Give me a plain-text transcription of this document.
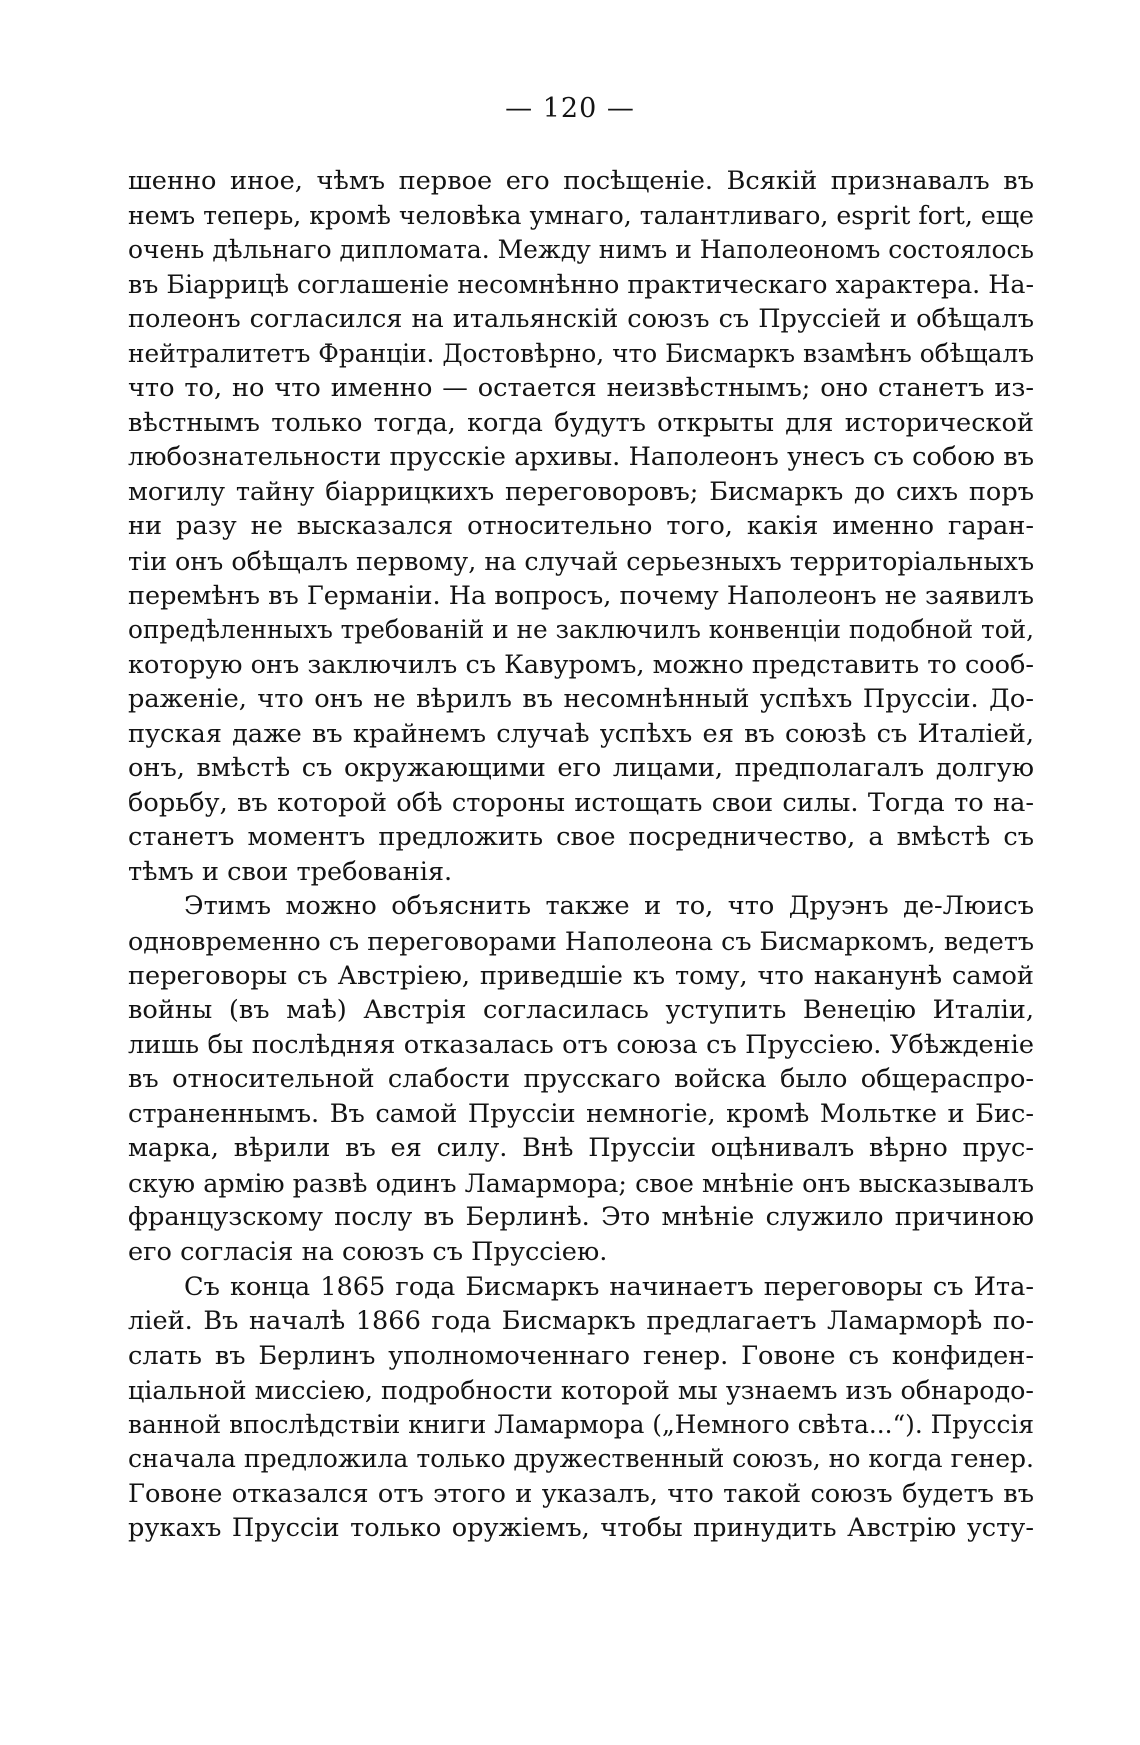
— 120 —
шенно иное, чѣмъ первое его посѣщеніе. Всякій признавалъ въ
немъ теперь, кромѣ человѣка умнаго, талантливаго, esprit fort, еще
очень дѣльнаго дипломата. Между нимъ и Наполеономъ состоялось
въ Біаррицѣ соглашеніе несомнѣнно практическаго характера. На-
полеонъ согласился на итальянскій союзъ съ Пруссіей и обѣщалъ
нейтралитетъ Франціи. Достовѣрно, что Бисмаркъ взамѣнъ обѣщалъ
что то, но что именно — остается неизвѣстнымъ; оно станетъ из-
вѣстнымъ только тогда, когда будутъ открыты для исторической
любознательности прусскіе архивы. Наполеонъ унесъ съ собою въ
могилу тайну біаррицкихъ переговоровъ; Бисмаркъ до сихъ поръ
ни разу не высказался относительно того, какія именно гаран-
тіи онъ обѣщалъ первому, на случай серьезныхъ территоріальныхъ
перемѣнъ въ Германіи. На вопросъ, почему Наполеонъ не заявилъ
опредѣленныхъ требованій и не заключилъ конвенціи подобной той,
которую онъ заключилъ съ Кавуромъ, можно представить то сооб-
раженіе, что онъ не вѣрилъ въ несомнѣнный успѣхъ Пруссіи. До-
пуская даже въ крайнемъ случаѣ успѣхъ ея въ союзѣ съ Италіей,
онъ, вмѣстѣ съ окружающими его лицами, предполагалъ долгую
борьбу, въ которой обѣ стороны истощать свои силы. Тогда то на-
станетъ моментъ предложить свое посредничество, а вмѣстѣ съ
тѣмъ и свои требованія.
Этимъ можно объяснить также и то, что Друэнъ де-Люисъ
одновременно съ переговорами Наполеона съ Бисмаркомъ, ведетъ
переговоры съ Австріею, приведшіе къ тому, что наканунѣ самой
войны (въ маѣ) Австрія согласилась уступить Венецію Италіи,
лишь бы послѣдняя отказалась отъ союза съ Пруссіею. Убѣжденіе
въ относительной слабости прусскаго войска было общераспро-
страненнымъ. Въ самой Пруссіи немногіе, кромѣ Мольтке и Бис-
марка, вѣрили въ ея силу. Внѣ Пруссіи оцѣнивалъ вѣрно прус-
скую армію развѣ одинъ Ламармора; свое мнѣніе онъ высказывалъ
французскому послу въ Берлинѣ. Это мнѣніе служило причиною
его согласія на союзъ съ Пруссіею.
Съ конца 1865 года Бисмаркъ начинаетъ переговоры съ Ита-
ліей. Въ началѣ 1866 года Бисмаркъ предлагаетъ Ламарморѣ по-
слать въ Берлинъ уполномоченнаго генер. Говоне съ конфиден-
ціальной миссіею, подробности которой мы узнаемъ изъ обнародо-
ванной впослѣдствіи книги Ламармора („Немного свѣта...“). Пруссія
сначала предложила только дружественный союзъ, но когда генер.
Говоне отказался отъ этого и указалъ, что такой союзъ будетъ въ
рукахъ Пруссіи только оружіемъ, чтобы принудить Австрію усту-
